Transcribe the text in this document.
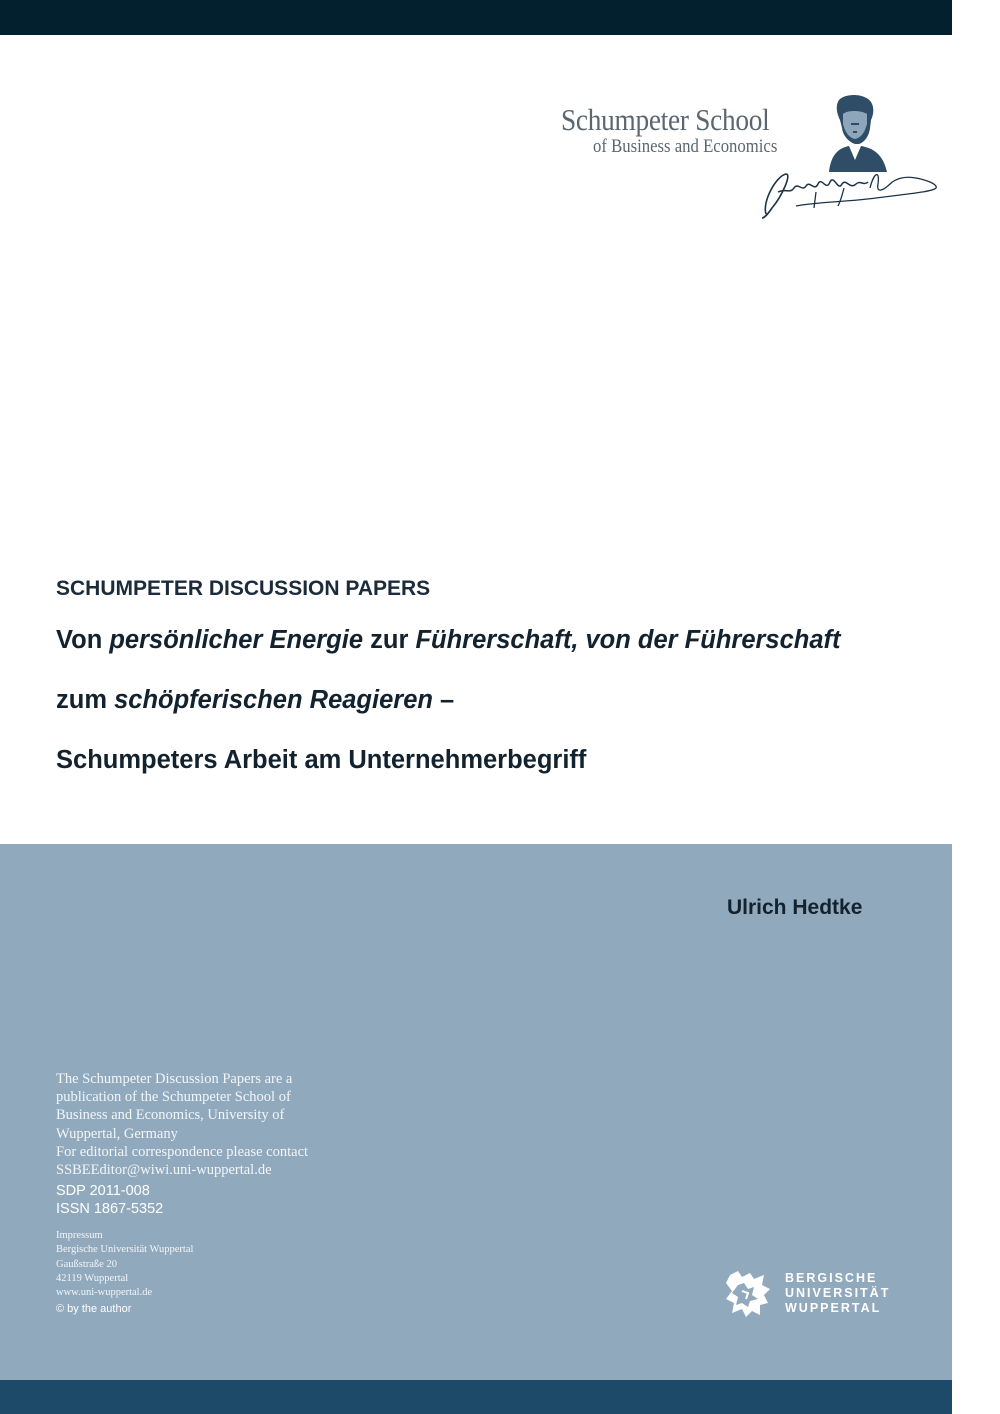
Schumpeter School
of Business and Economics
SCHUMPETER DISCUSSION PAPERS
Von persönlicher Energie zur Führerschaft, von der Führerschaft
zum schöpferischen Reagieren –
Schumpeters Arbeit am Unternehmerbegriff
Ulrich Hedtke
The Schumpeter Discussion Papers are a
publication of the Schumpeter School of
Business and Economics, University of
Wuppertal, Germany
For editorial correspondence please contact
SSBEEditor@wiwi.uni-wuppertal.de
SDP 2011-008
ISSN 1867-5352
Impressum
Bergische Universität Wuppertal
Gaußstraße 20
42119 Wuppertal
www.uni-wuppertal.de
© by the author
BERGISCHE
UNIVERSITÄT
WUPPERTAL
